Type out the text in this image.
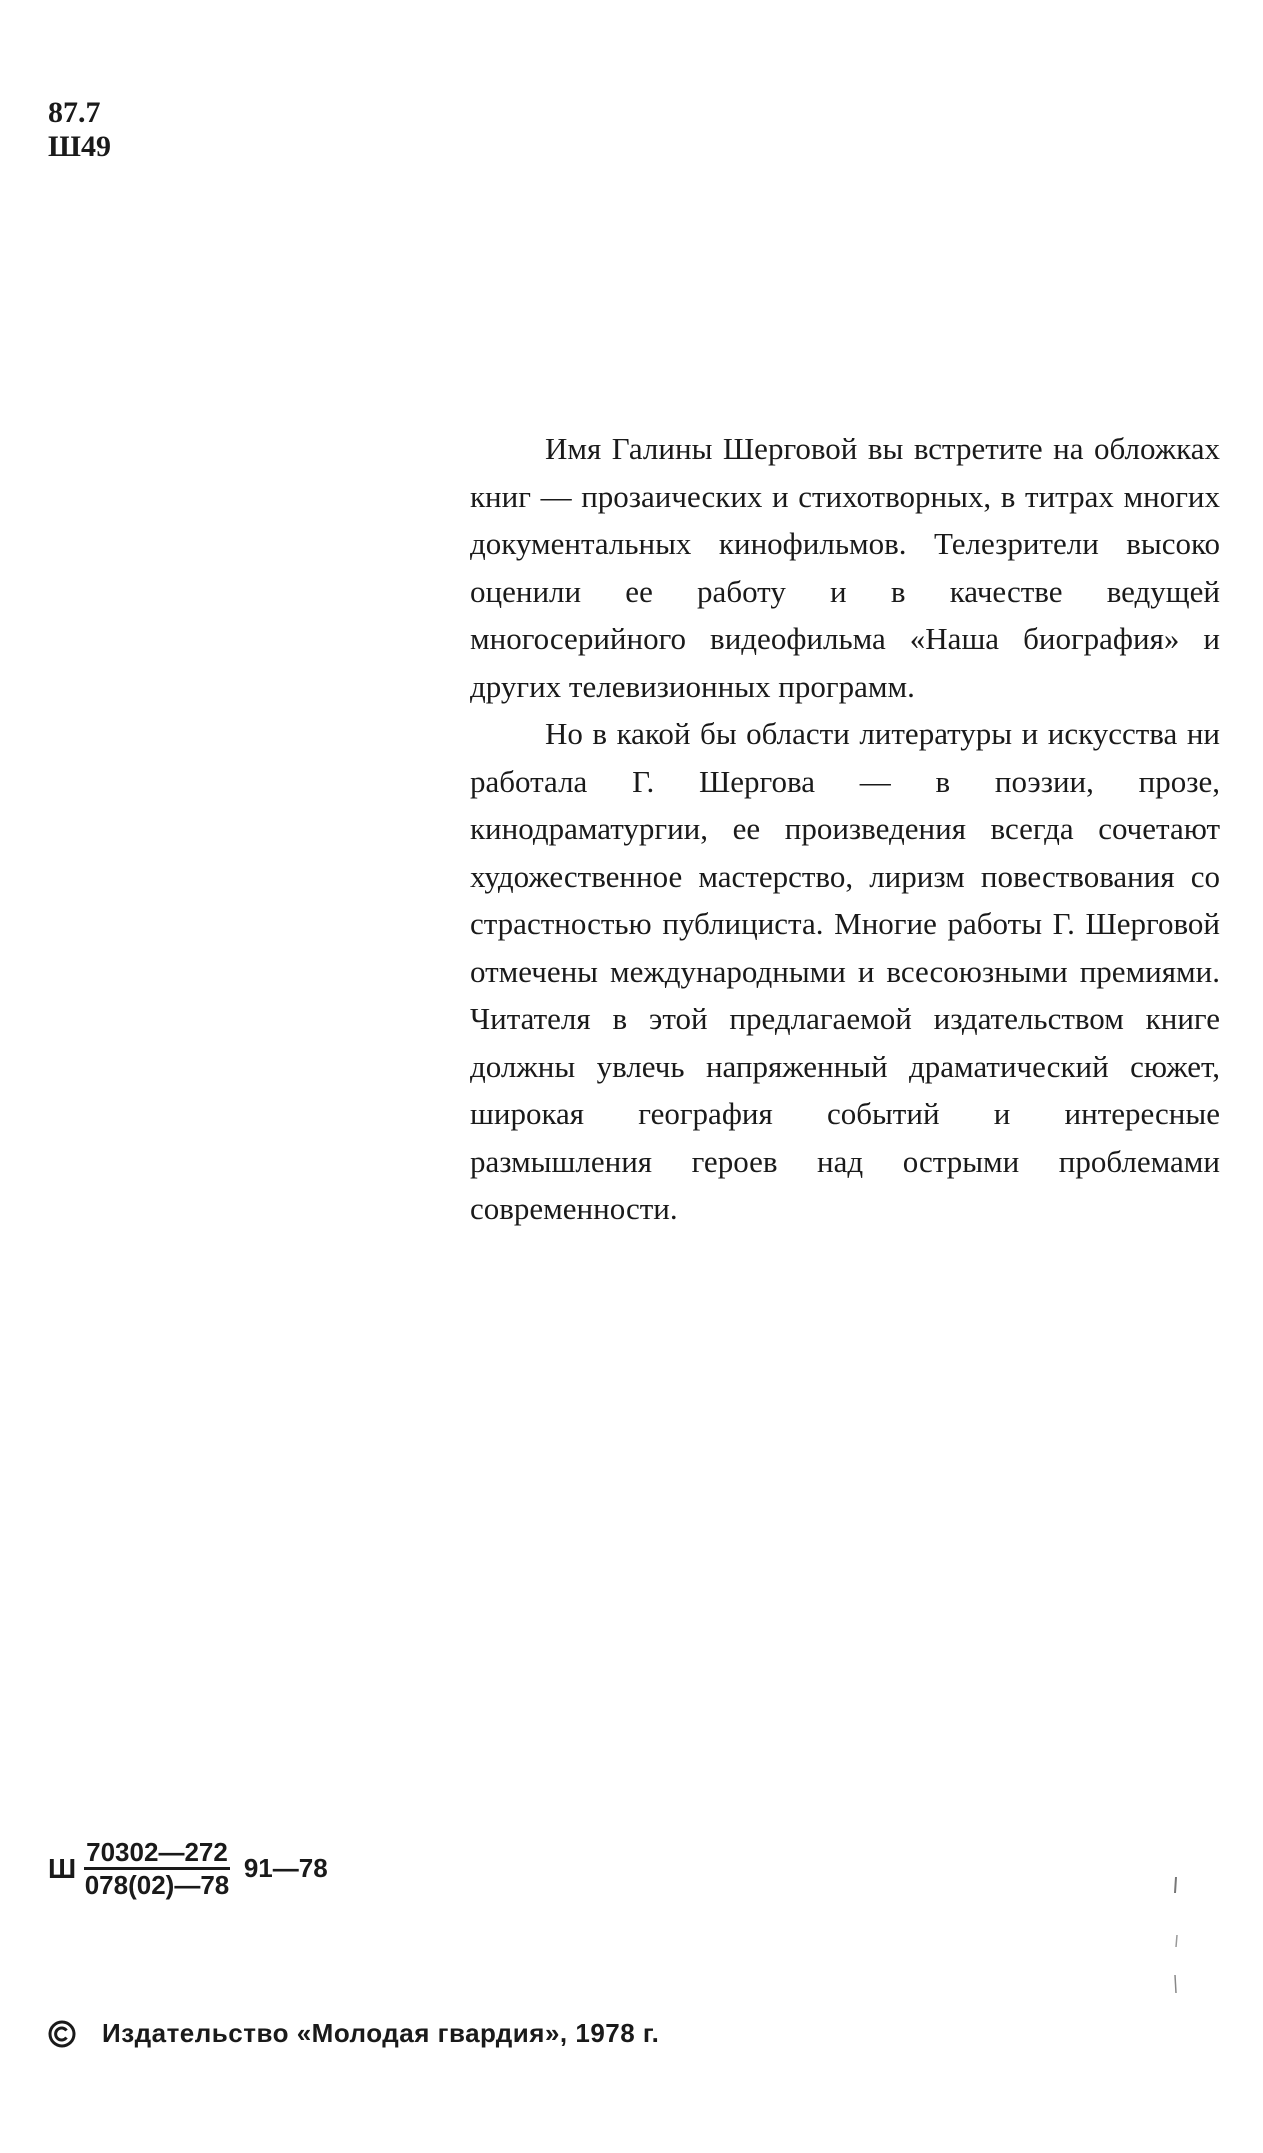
87.7
Ш49

Имя Галины Шерговой вы встретите на обложках книг — прозаических и стихотворных, в титрах многих документальных кинофильмов. Телезрители высоко оценили ее работу и в качестве ведущей многосерийного видеофильма «Наша биография» и других телевизионных программ.

Но в какой бы области литературы и искусства ни работала Г. Шергова — в поэзии, прозе, кинодраматургии, ее произведения всегда сочетают художественное мастерство, лиризм повествования со страстностью публициста. Многие работы Г. Шерговой отмечены международными и всесоюзными премиями. Читателя в этой предлагаемой издательством книге должны увлечь напряженный драматический сюжет, широкая география событий и интересные размышления героев над острыми проблемами современности.

Ш $\frac{70302—272}{078(02)—78}$ 91—78
Издательство «Молодая гвардия», 1978 г.
